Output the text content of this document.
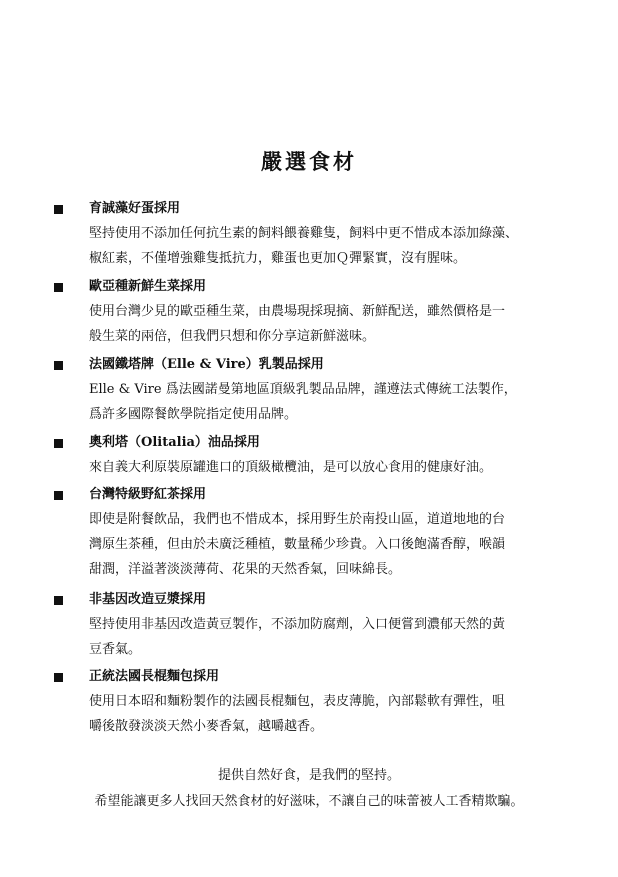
嚴選食材
育誠藻好蛋採用
堅持使用不添加任何抗生素的飼料餵養雞隻，飼料中更不惜成本添加綠藻、
椒紅素，不僅增強雞隻抵抗力，雞蛋也更加Ｑ彈緊實，沒有腥味。
歐亞種新鮮生菜採用
使用台灣少見的歐亞種生菜，由農場現採現摘、新鮮配送，雖然價格是一
般生菜的兩倍，但我們只想和你分享這新鮮滋味。
法國鐵塔牌（Elle & Vire）乳製品採用
Elle & Vire 爲法國諾曼第地區頂級乳製品品牌，謹遵法式傳統工法製作，
爲許多國際餐飲學院指定使用品牌。
奧利塔（Olitalia）油品採用
來自義大利原裝原罐進口的頂級橄欖油，是可以放心食用的健康好油。
台灣特級野紅茶採用
即使是附餐飲品，我們也不惜成本，採用野生於南投山區，道道地地的台
灣原生茶種，但由於未廣泛種植，數量稀少珍貴。入口後飽滿香醇，喉韻
甜潤，洋溢著淡淡薄荷、花果的天然香氣，回味綿長。
非基因改造豆漿採用
堅持使用非基因改造黃豆製作，不添加防腐劑，入口便嘗到濃郁天然的黃
豆香氣。
正統法國長棍麵包採用
使用日本昭和麵粉製作的法國長棍麵包，表皮薄脆，內部鬆軟有彈性，咀
嚼後散發淡淡天然小麥香氣，越嚼越香。
提供自然好食，是我們的堅持。
希望能讓更多人找回天然食材的好滋味，不讓自己的味蕾被人工香精欺騙。
